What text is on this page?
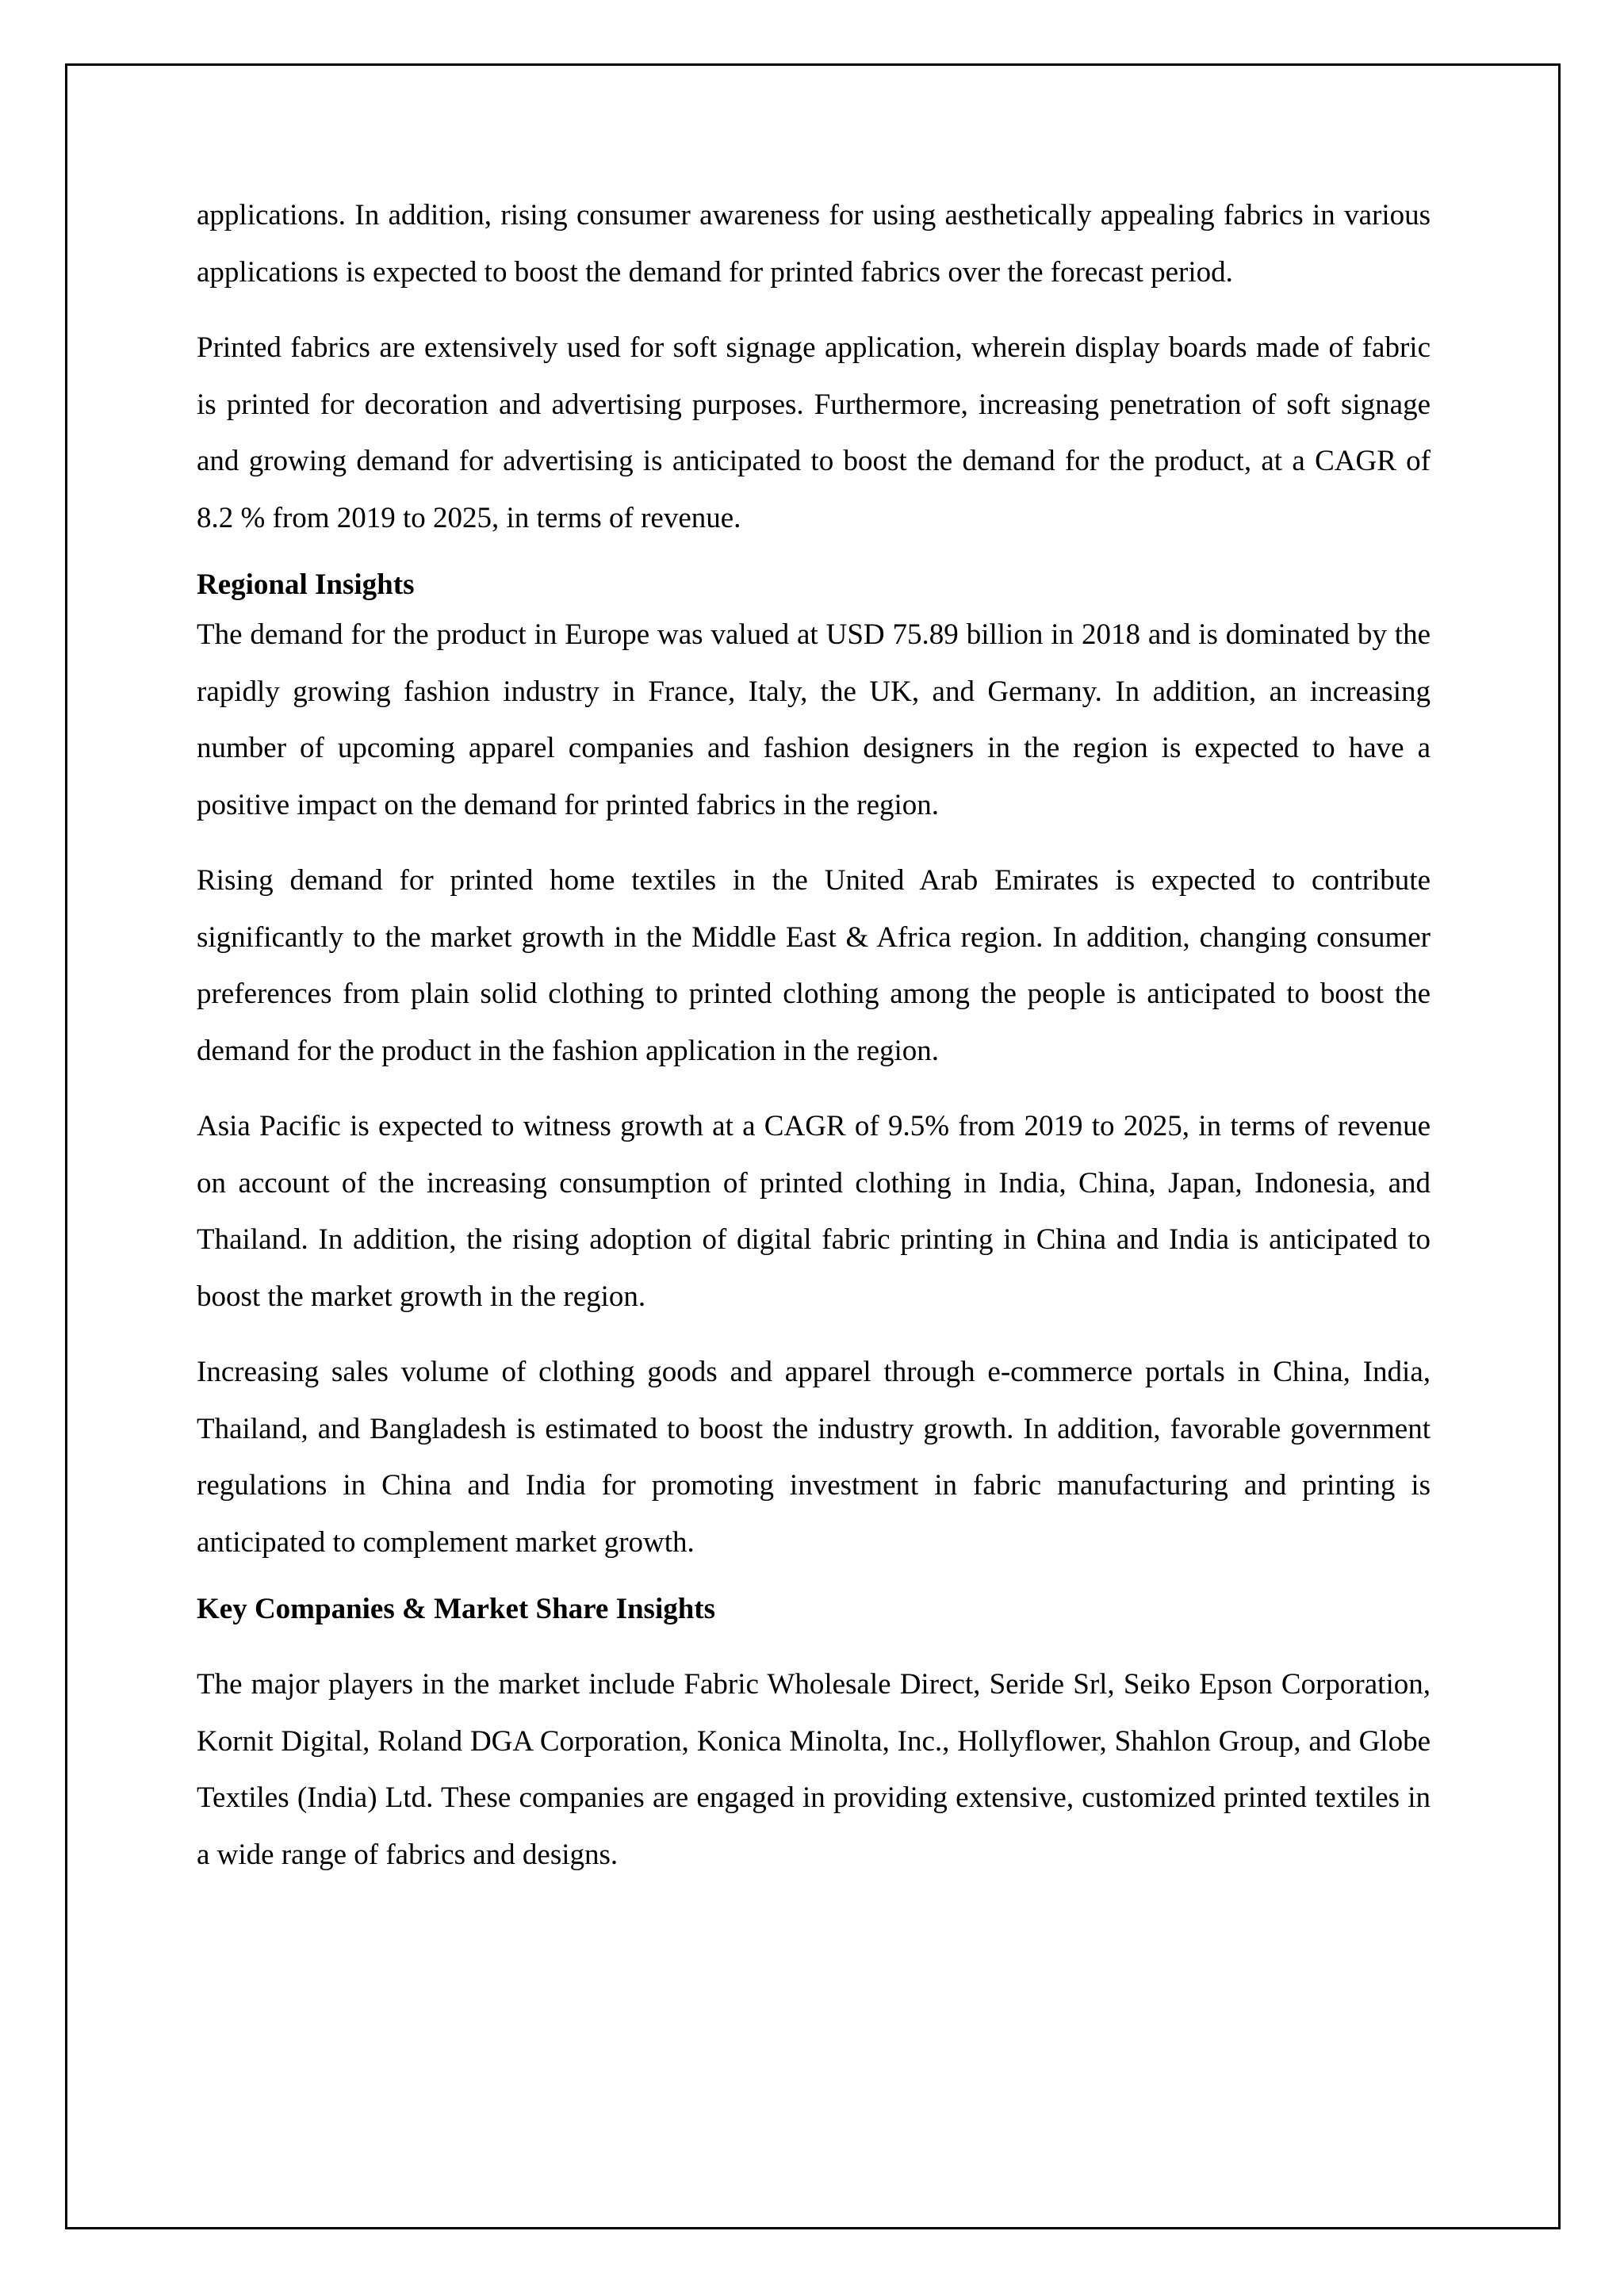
applications. In addition, rising consumer awareness for using aesthetically appealing fabrics in various applications is expected to boost the demand for printed fabrics over the forecast period.

Printed fabrics are extensively used for soft signage application, wherein display boards made of fabric is printed for decoration and advertising purposes. Furthermore, increasing penetration of soft signage and growing demand for advertising is anticipated to boost the demand for the product, at a CAGR of 8.2 % from 2019 to 2025, in terms of revenue.

Regional Insights

The demand for the product in Europe was valued at USD 75.89 billion in 2018 and is dominated by the rapidly growing fashion industry in France, Italy, the UK, and Germany. In addition, an increasing number of upcoming apparel companies and fashion designers in the region is expected to have a positive impact on the demand for printed fabrics in the region.

Rising demand for printed home textiles in the United Arab Emirates is expected to contribute significantly to the market growth in the Middle East & Africa region. In addition, changing consumer preferences from plain solid clothing to printed clothing among the people is anticipated to boost the demand for the product in the fashion application in the region.

Asia Pacific is expected to witness growth at a CAGR of 9.5% from 2019 to 2025, in terms of revenue on account of the increasing consumption of printed clothing in India, China, Japan, Indonesia, and Thailand. In addition, the rising adoption of digital fabric printing in China and India is anticipated to boost the market growth in the region.

Increasing sales volume of clothing goods and apparel through e-commerce portals in China, India, Thailand, and Bangladesh is estimated to boost the industry growth. In addition, favorable government regulations in China and India for promoting investment in fabric manufacturing and printing is anticipated to complement market growth.

Key Companies & Market Share Insights

The major players in the market include Fabric Wholesale Direct, Seride Srl, Seiko Epson Corporation, Kornit Digital, Roland DGA Corporation, Konica Minolta, Inc., Hollyflower, Shahlon Group, and Globe Textiles (India) Ltd. These companies are engaged in providing extensive, customized printed textiles in a wide range of fabrics and designs.
